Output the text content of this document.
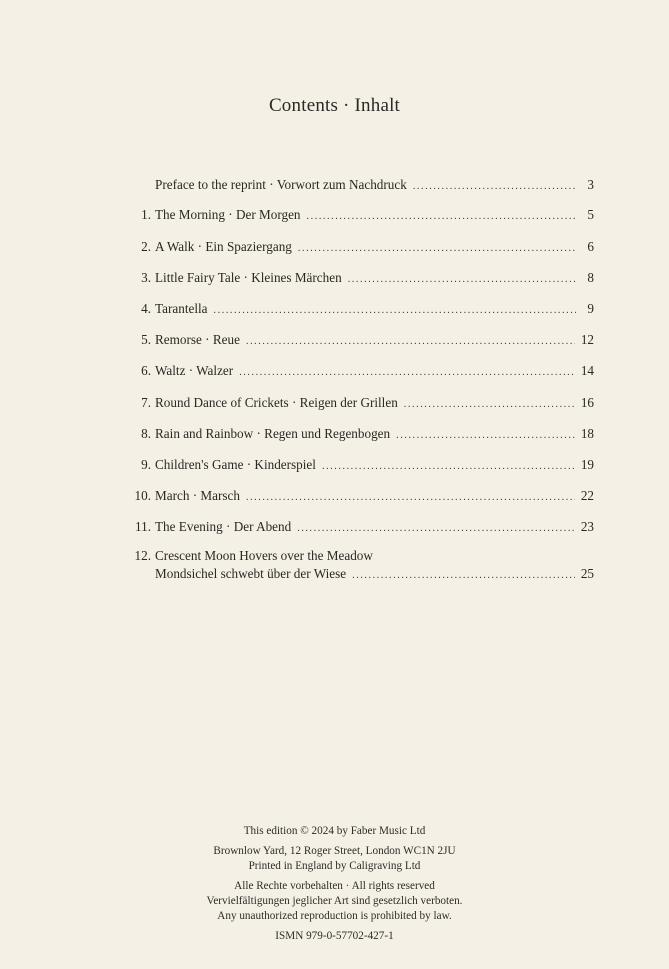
Contents · Inhalt
Preface to the reprint · Vorwort zum Nachdruck .....	3
1. The Morning · Der Morgen .....	5
2. A Walk · Ein Spaziergang .....	6
3. Little Fairy Tale · Kleines Märchen .....	8
4. Tarantella .....	9
5. Remorse · Reue .....	12
6. Waltz · Walzer .....	14
7. Round Dance of Crickets · Reigen der Grillen .....	16
8. Rain and Rainbow · Regen und Regenbogen .....	18
9. Children's Game · Kinderspiel .....	19
10. March · Marsch .....	22
11. The Evening · Der Abend .....	23
12. Crescent Moon Hovers over the Meadow
Mondsichel schwebt über der Wiese .....	25
This edition © 2024 by Faber Music Ltd
Brownlow Yard, 12 Roger Street, London WC1N 2JU
Printed in England by Caligraving Ltd
Alle Rechte vorbehalten · All rights reserved
Vervielfältigungen jeglicher Art sind gesetzlich verboten.
Any unauthorized reproduction is prohibited by law.
ISMN 979-0-57702-427-1
